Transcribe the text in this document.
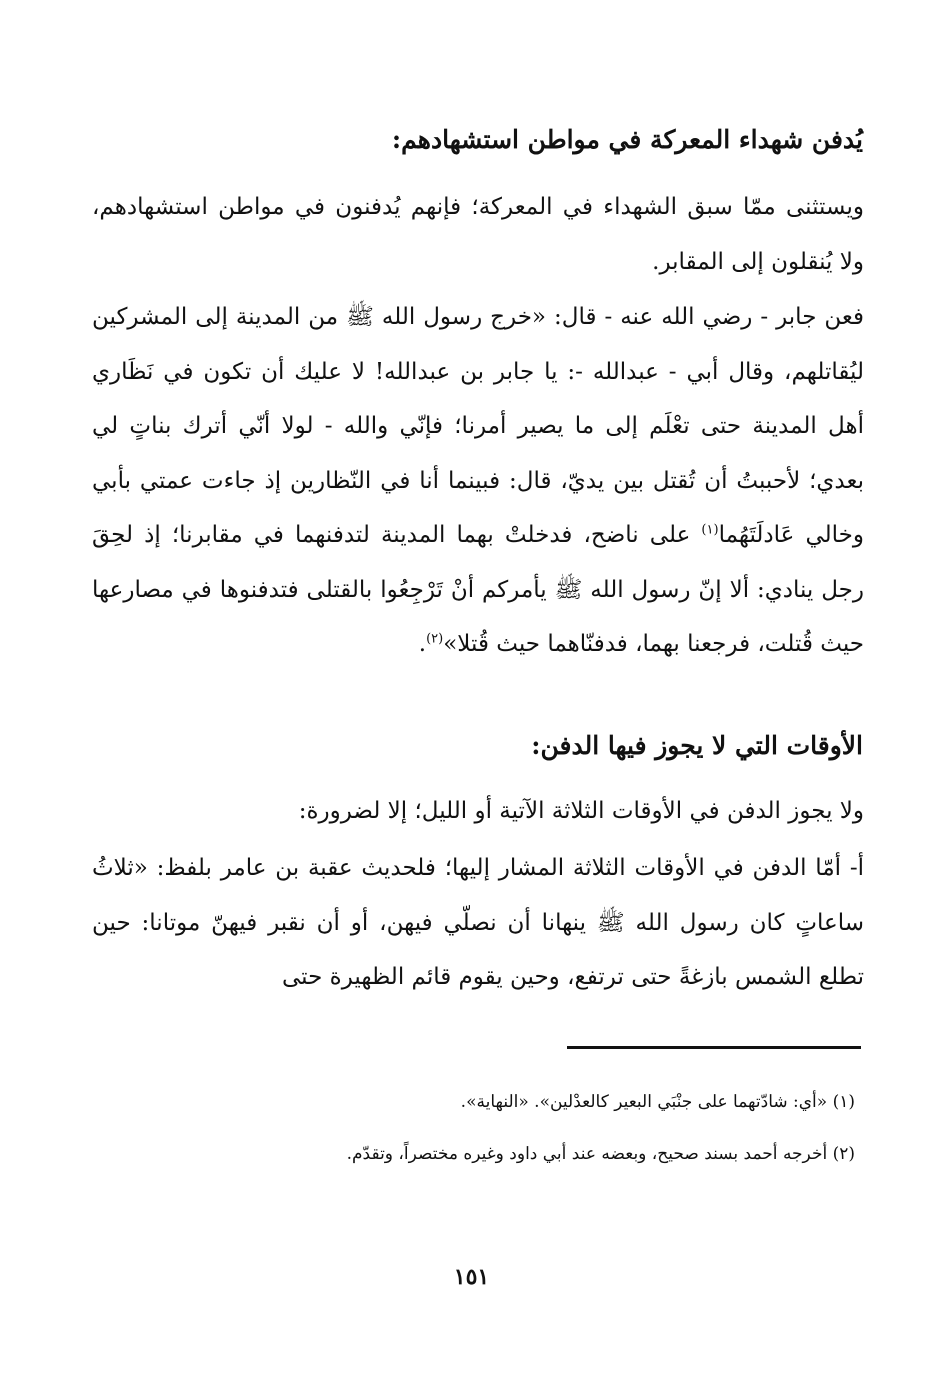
يُدفن شهداء المعركة في مواطن استشهادهم:

ويستثنى ممّا سبق الشهداء في المعركة؛ فإنهم يُدفنون في مواطن استشهادهم، ولا يُنقلون إلى المقابر.

فعن جابر - رضي الله عنه - قال: «خرج رسول الله ﷺ من المدينة إلى المشركين ليُقاتلهم، وقال أبي - عبدالله -: يا جابر بن عبدالله! لا عليك أن تكون في نَظَاري أهل المدينة حتى تعْلَم إلى ما يصير أمرنا؛ فإنّي والله - لولا أنّي أترك بناتٍ لي بعدي؛ لأحببتُ أن تُقتل بين يديّ، قال: فبينما أنا في النّظارين إذ جاءت عمتي بأبي وخالي عَادلَتَهُما$^{(١)}$ على ناضح، فدخلتْ بهما المدينة لتدفنهما في مقابرنا؛ إذ لحِقَ رجل ينادي: ألا إنّ رسول الله ﷺ يأمركم أنْ تَرْجِعُوا بالقتلى فتدفنوها في مصارعها حيث قُتلت، فرجعنا بهما، فدفنّاهما حيث قُتلا»$^{(٢)}$.

الأوقات التي لا يجوز فيها الدفن:

ولا يجوز الدفن في الأوقات الثلاثة الآتية أو الليل؛ إلا لضرورة:

أ- أمّا الدفن في الأوقات الثلاثة المشار إليها؛ فلحديث عقبة بن عامر بلفظ: «ثلاثُ ساعاتٍ كان رسول الله ﷺ ينهانا أن نصلّي فيهن، أو أن نقبر فيهنّ موتانا: حين تطلع الشمس بازغةً حتى ترتفع، وحين يقوم قائم الظهيرة حتى

(١) «أي: شادّتهما على جنْبَي البعير كالعدْلين». «النهاية».
(٢) أخرجه أحمد بسند صحيح، وبعضه عند أبي داود وغيره مختصراً، وتقدّم.
١٥١
